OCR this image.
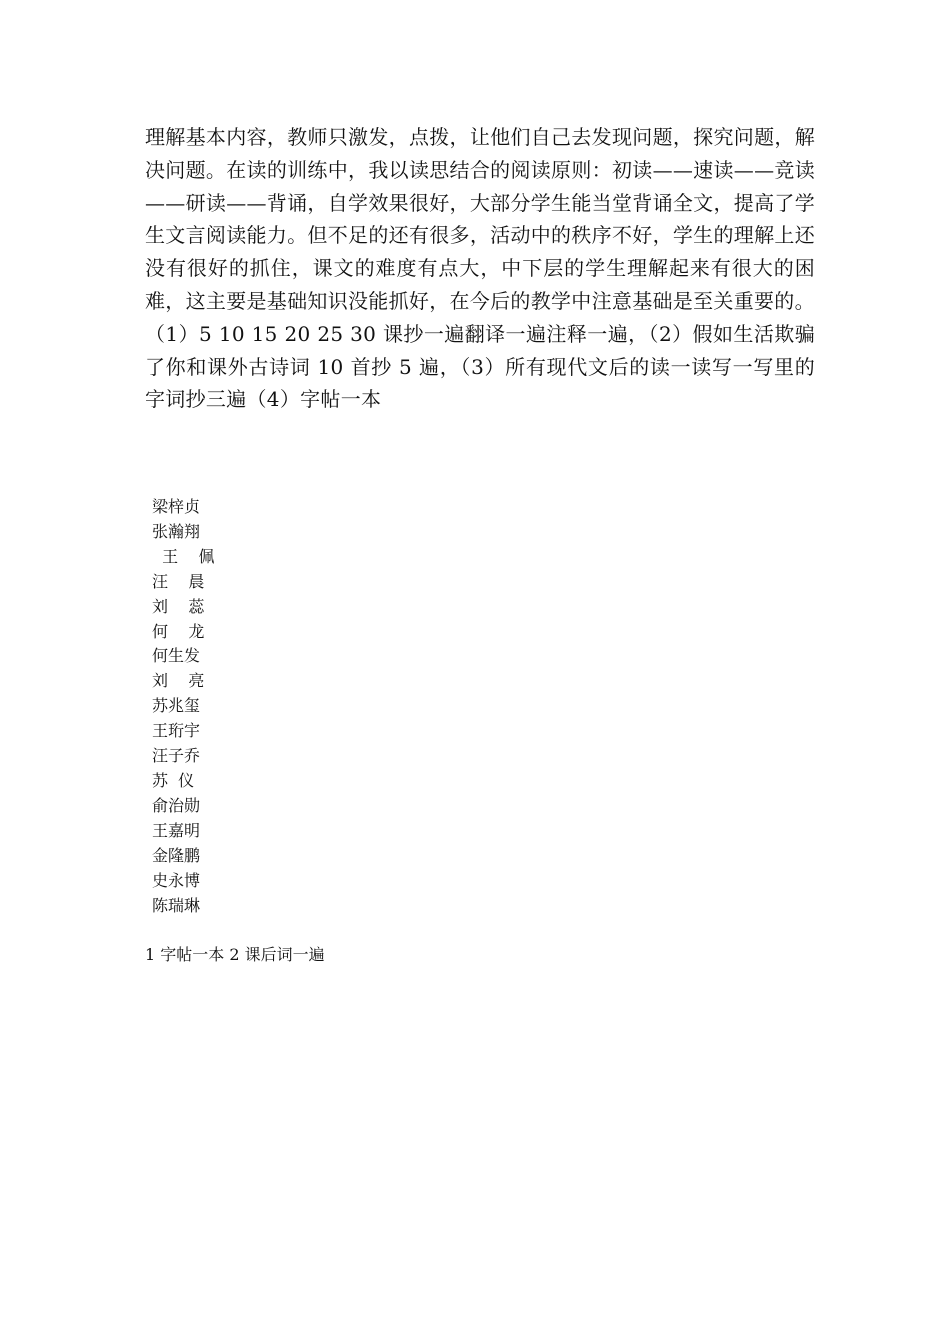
理解基本内容，教师只激发，点拨，让他们自己去发现问题，探究问题，解决问题。在读的训练中，我以读思结合的阅读原则：初读——速读——竞读——研读——背诵，自学效果很好，大部分学生能当堂背诵全文，提高了学生文言阅读能力。但不足的还有很多，活动中的秩序不好，学生的理解上还没有很好的抓住，课文的难度有点大，中下层的学生理解起来有很大的困难，这主要是基础知识没能抓好，在今后的教学中注意基础是至关重要的。

（1）5 10 15 20 25 30 课抄一遍翻译一遍注释一遍，（2）假如生活欺骗了你和课外古诗词 10 首抄 5 遍，（3）所有现代文后的读一读写一写里的字词抄三遍（4）字帖一本

梁梓贞
张瀚翔
王    佩
汪    晨
刘    蕊
何    龙
何生发
刘    亮
苏兆玺
王珩宇
汪子乔
苏  仪
俞治勋
王嘉明
金隆鹏
史永博
陈瑞琳

1 字帖一本 2 课后词一遍
